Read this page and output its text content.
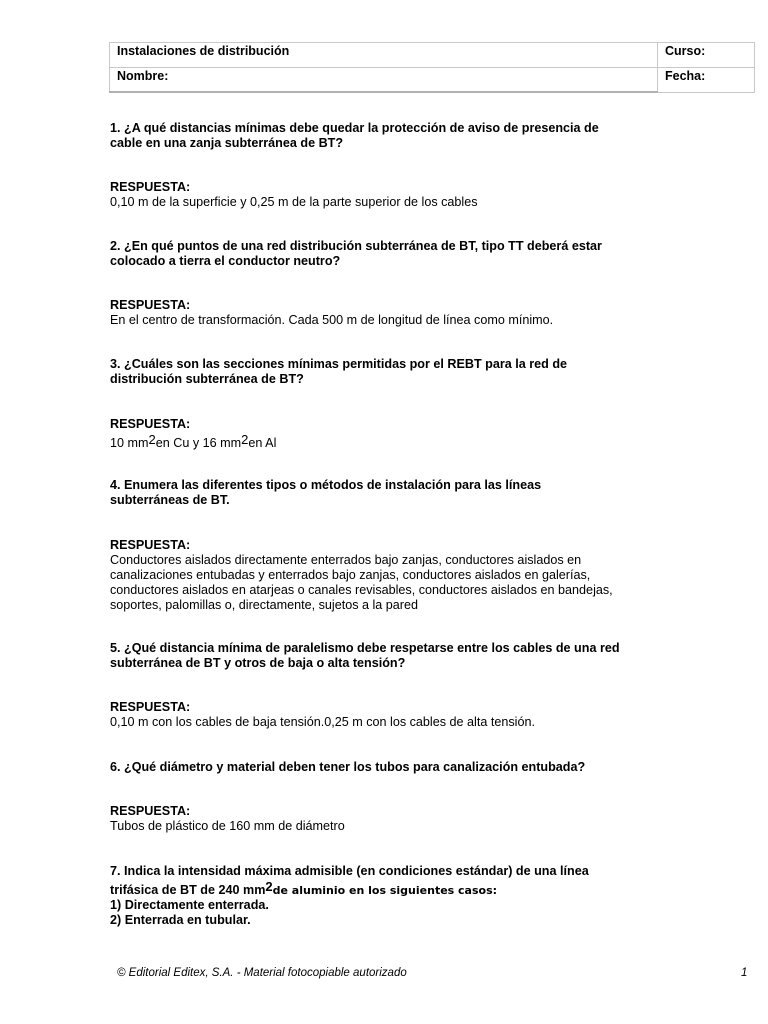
Instalaciones de distribución	Curso:
Nombre:	Fecha:
1. ¿A qué distancias mínimas debe quedar la protección de aviso de presencia de
cable en una zanja subterránea de BT?
RESPUESTA:
0,10 m de la superficie y 0,25 m de la parte superior de los cables
2. ¿En qué puntos de una red distribución subterránea de BT, tipo TT deberá estar
colocado a tierra el conductor neutro?
RESPUESTA:
En el centro de transformación. Cada 500 m de longitud de línea como mínimo.
3. ¿Cuáles son las secciones mínimas permitidas por el REBT para la red de
distribución subterránea de BT?
RESPUESTA:
10 $mm^2en$ Cu y 16 $mm^2en$ Al
4. Enumera las diferentes tipos o métodos de instalación para las líneas
subterráneas de BT.
RESPUESTA:
Conductores aislados directamente enterrados bajo zanjas, conductores aislados en
canalizaciones entubadas y enterrados bajo zanjas, conductores aislados en galerías,
conductores aislados en atarjeas o canales revisables, conductores aislados en bandejas,
soportes, palomillas o, directamente, sujetos a la pared
5. ¿Qué distancia mínima de paralelismo debe respetarse entre los cables de una red
subterránea de BT y otros de baja o alta tensión?
RESPUESTA:
0,10 m con los cables de baja tensión.0,25 m con los cables de alta tensión.
6. ¿Qué diámetro y material deben tener los tubos para canalización entubada?
RESPUESTA:
Tubos de plástico de 160 mm de diámetro
7. Indica la intensidad máxima admisible (en condiciones estándar) de una línea
trifásica de BT de 240 $mm^2de$ aluminio en los siguientes casos:
1) Directamente enterrada.
2) Enterrada en tubular.
© Editorial Editex, S.A. - Material fotocopiable autorizado	1
